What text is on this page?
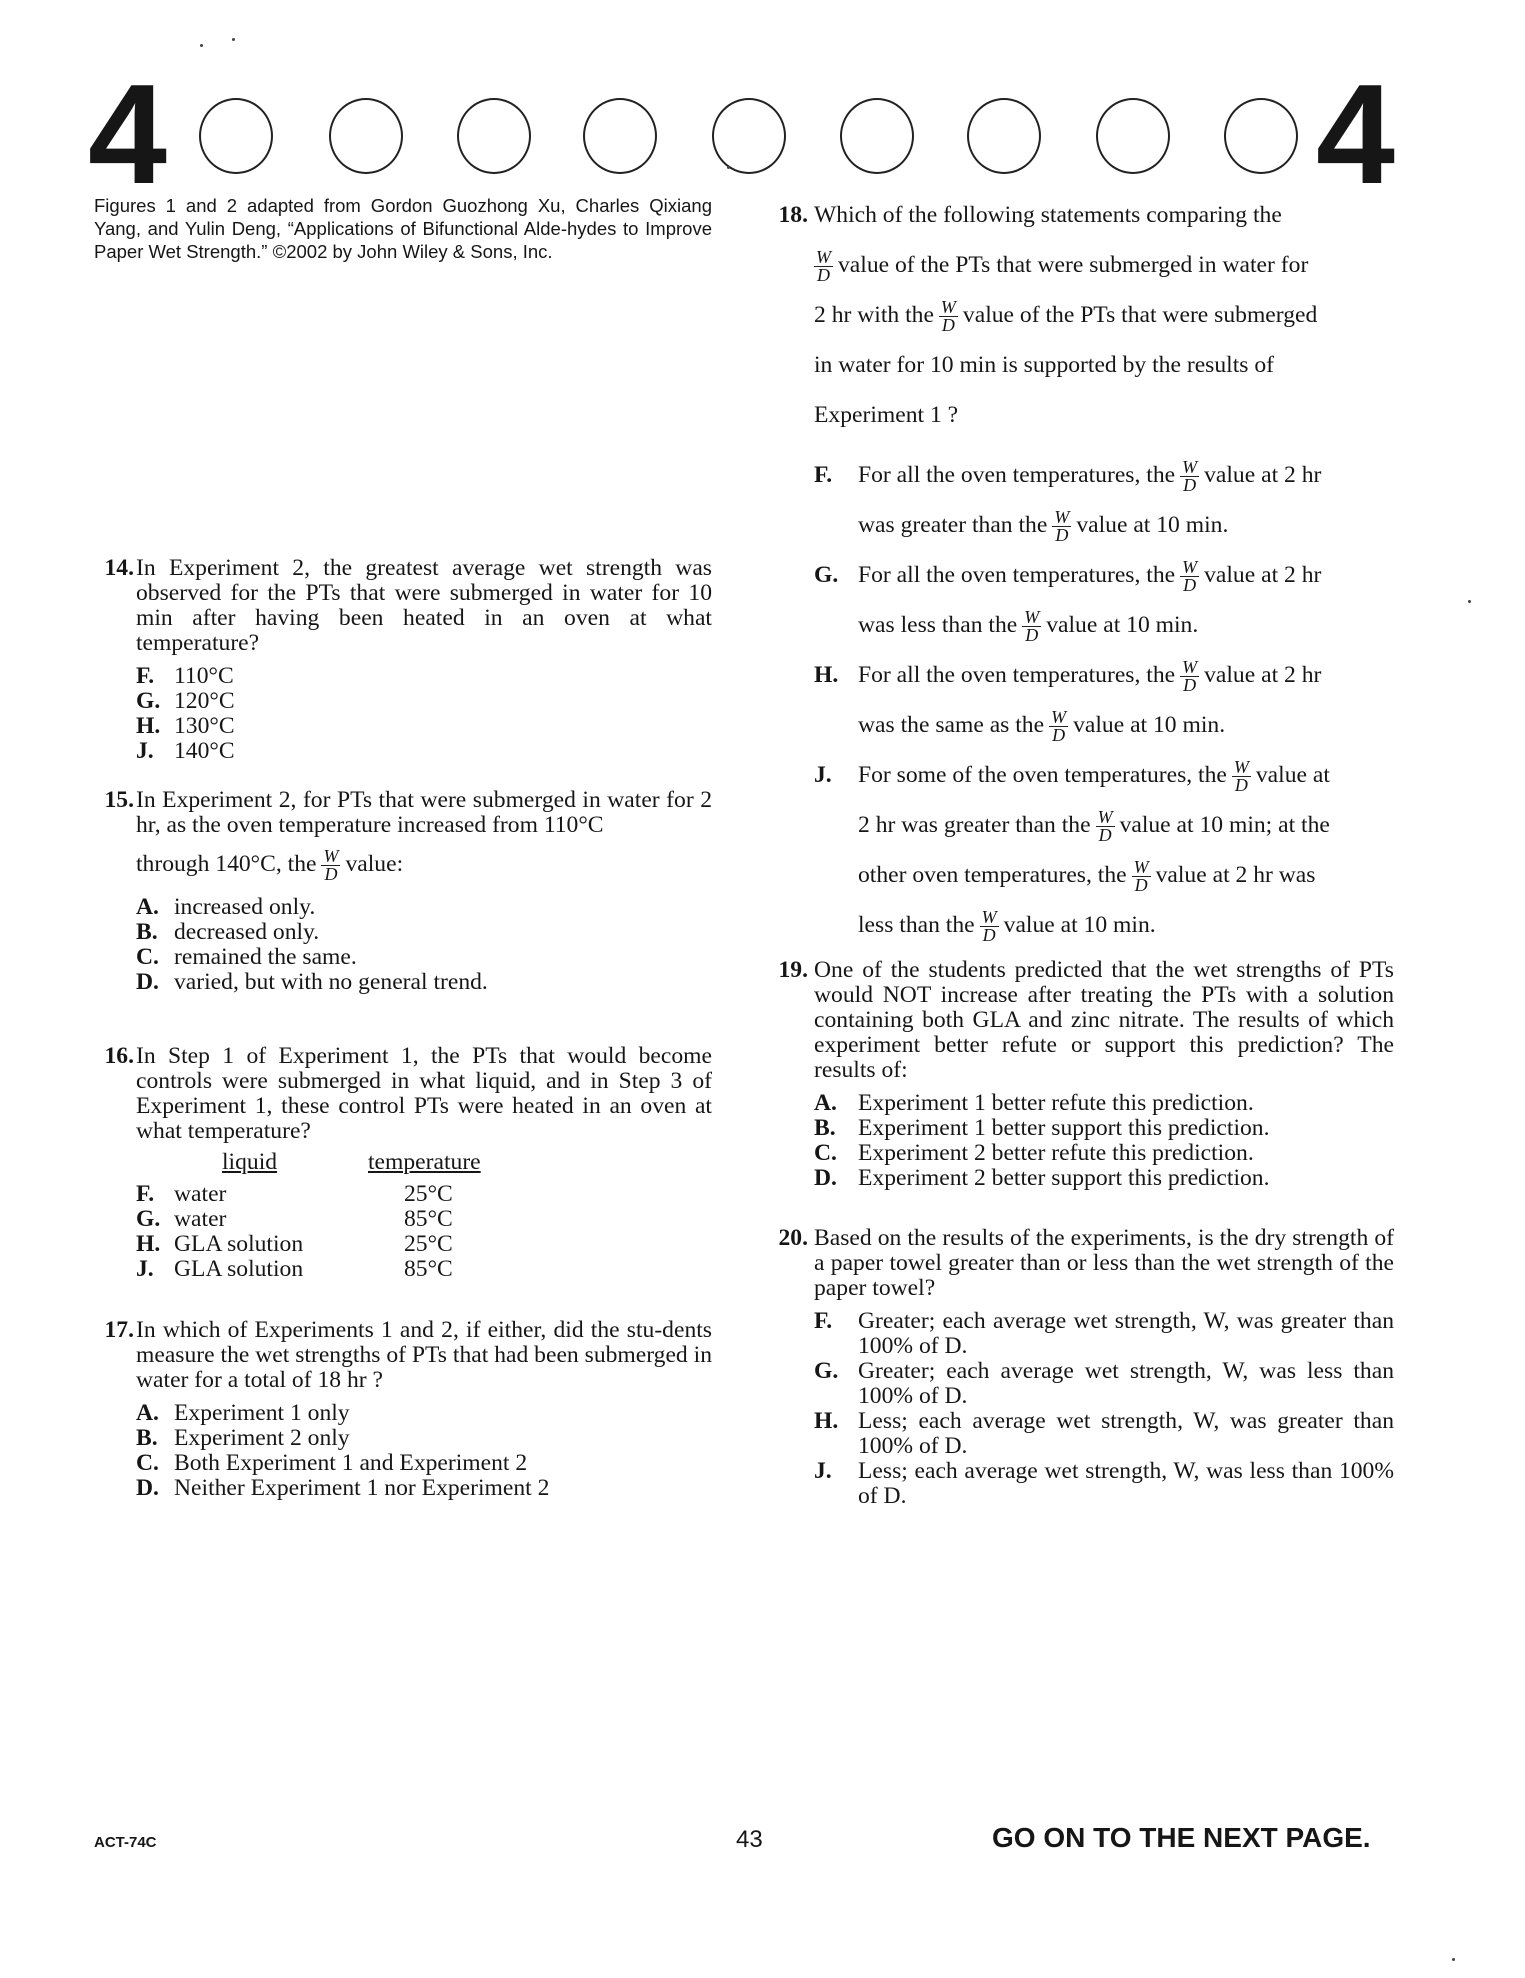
4	4
Figures 1 and 2 adapted from Gordon Guozhong Xu, Charles Qixiang Yang, and Yulin Deng, “Applications of Bifunctional Alde-hydes to Improve Paper Wet Strength.” ©2002 by John Wiley & Sons, Inc.
14. In Experiment 2, the greatest average wet strength was observed for the PTs that were submerged in water for 10 min after having been heated in an oven at what temperature?
F. 110°C
G. 120°C
H. 130°C
J. 140°C
15. In Experiment 2, for PTs that were submerged in water for 2 hr, as the oven temperature increased from 110°C
through 140°C, the $\frac{W}{D}$ value:
A. increased only.
B. decreased only.
C. remained the same.
D. varied, but with no general trend.
16. In Step 1 of Experiment 1, the PTs that would become controls were submerged in what liquid, and in Step 3 of Experiment 1, these control PTs were heated in an oven at what temperature?
liquid	temperature
F. water	25°C
G. water	85°C
H. GLA solution	25°C
J. GLA solution	85°C
17. In which of Experiments 1 and 2, if either, did the stu-dents measure the wet strengths of PTs that had been submerged in water for a total of 18 hr ?
A. Experiment 1 only
B. Experiment 2 only
C. Both Experiment 1 and Experiment 2
D. Neither Experiment 1 nor Experiment 2
18. Which of the following statements comparing the
$\frac{W}{D}$ value of the PTs that were submerged in water for
2 hr with the $\frac{W}{D}$ value of the PTs that were submerged
in water for 10 min is supported by the results of
Experiment 1 ?
F. For all the oven temperatures, the $\frac{W}{D}$ value at 2 hr
was greater than the $\frac{W}{D}$ value at 10 min.
G. For all the oven temperatures, the $\frac{W}{D}$ value at 2 hr
was less than the $\frac{W}{D}$ value at 10 min.
H. For all the oven temperatures, the $\frac{W}{D}$ value at 2 hr
was the same as the $\frac{W}{D}$ value at 10 min.
J. For some of the oven temperatures, the $\frac{W}{D}$ value at
2 hr was greater than the $\frac{W}{D}$ value at 10 min; at the
other oven temperatures, the $\frac{W}{D}$ value at 2 hr was
less than the $\frac{W}{D}$ value at 10 min.
19. One of the students predicted that the wet strengths of PTs would NOT increase after treating the PTs with a solution containing both GLA and zinc nitrate. The results of which experiment better refute or support this prediction? The results of:
A. Experiment 1 better refute this prediction.
B. Experiment 1 better support this prediction.
C. Experiment 2 better refute this prediction.
D. Experiment 2 better support this prediction.
20. Based on the results of the experiments, is the dry strength of a paper towel greater than or less than the wet strength of the paper towel?
F. Greater; each average wet strength, W, was greater than 100% of D.
G. Greater; each average wet strength, W, was less than 100% of D.
H. Less; each average wet strength, W, was greater than 100% of D.
J. Less; each average wet strength, W, was less than 100% of D.
ACT-74C	43	GO ON TO THE NEXT PAGE.
